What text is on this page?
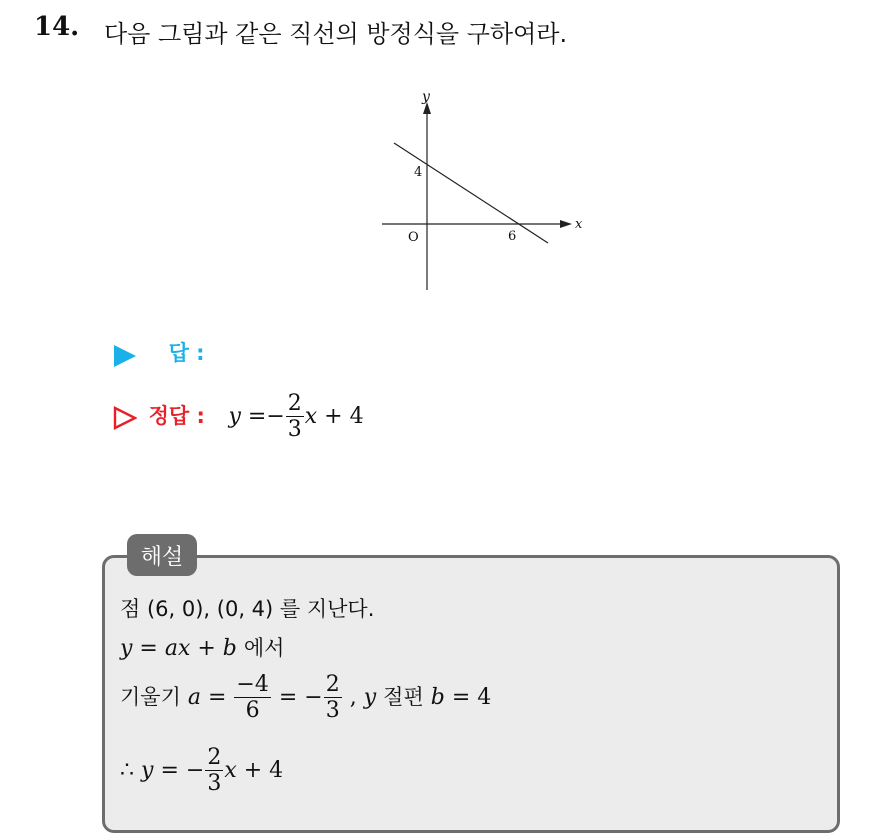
14. 다음 그림과 같은 직선의 방정식을 구하여라.
y
x
O
4
6
답 :
정답 : $y =- \frac{2}{3}$ x + 4
해설
점 (6, 0), (0, 4) 를 지난다.
y = ax + b 에서
기울기 $a = \frac{-4}{6}$ = − $\frac{2}{3}$ , y 절편 b = 4
∴ y = − $\frac{2}{3}$ x + 4
